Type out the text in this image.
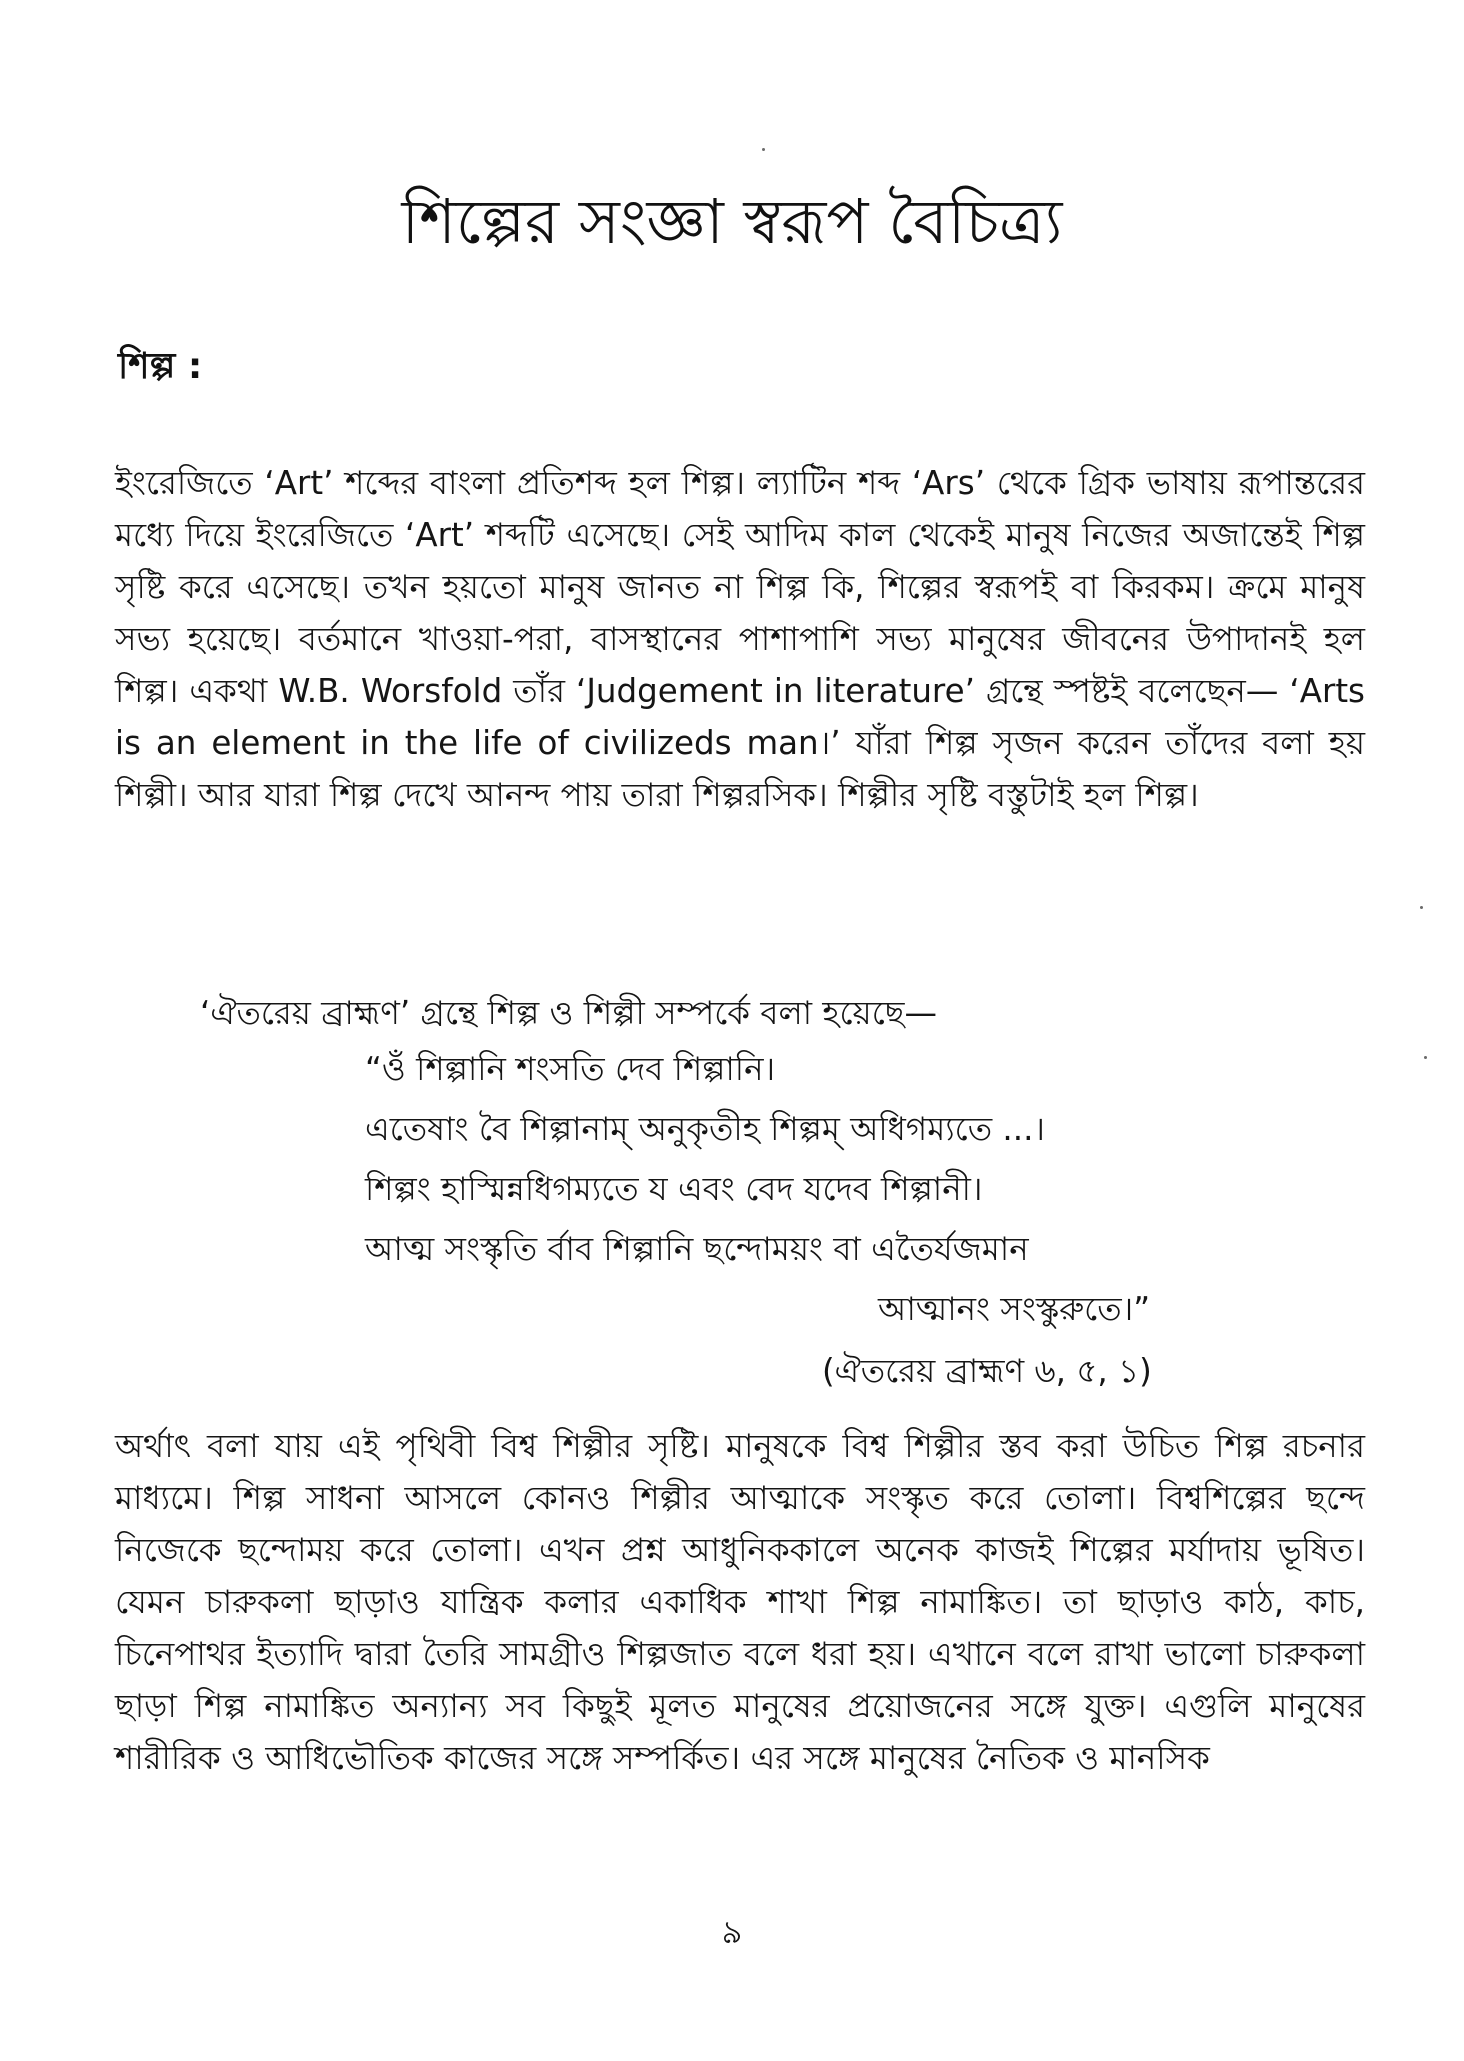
শিল্পের সংজ্ঞা স্বরূপ বৈচিত্র্য
শিল্প :
ইংরেজিতে ‘Art’ শব্দের বাংলা প্রতিশব্দ হল শিল্প। ল্যাটিন শব্দ ‘Ars’ থেকে গ্রিক ভাষায় রূপান্তরের মধ্যে দিয়ে ইংরেজিতে ‘Art’ শব্দটি এসেছে। সেই আদিম কাল থেকেই মানুষ নিজের অজান্তেই শিল্প সৃষ্টি করে এসেছে। তখন হয়তো মানুষ জানত না শিল্প কি, শিল্পের স্বরূপই বা কিরকম। ক্রমে মানুষ সভ্য হয়েছে। বর্তমানে খাওয়া-পরা, বাসস্থানের পাশাপাশি সভ্য মানুষের জীবনের উপাদানই হল শিল্প। একথা W.B. Worsfold তাঁর ‘Judgement in literature’ গ্রন্থে স্পষ্টই বলেছেন— ‘Arts is an element in the life of civilizeds man।’ যাঁরা শিল্প সৃজন করেন তাঁদের বলা হয় শিল্পী। আর যারা শিল্প দেখে আনন্দ পায় তারা শিল্পরসিক। শিল্পীর সৃষ্টি বস্তুটাই হল শিল্প।
‘ঐতরেয় ব্রাহ্মণ’ গ্রন্থে শিল্প ও শিল্পী সম্পর্কে বলা হয়েছে—
“ওঁ শিল্পানি শংসতি দেব শিল্পানি।
এতেষাং বৈ শিল্পানাম্ অনুকৃতীহ শিল্পম্ অধিগম্যতে ...।
শিল্পং হাস্মিন্নধিগম্যতে য এবং বেদ যদেব শিল্পানী।
আত্ম সংস্কৃতি র্বাব শিল্পানি ছন্দোময়ং বা এতৈর্যজমান
আত্মানং সংস্কুরুতে।”
(ঐতরেয় ব্রাহ্মণ ৬, ৫, ১)
অর্থাৎ বলা যায় এই পৃথিবী বিশ্ব শিল্পীর সৃষ্টি। মানুষকে বিশ্ব শিল্পীর স্তব করা উচিত শিল্প রচনার মাধ্যমে। শিল্প সাধনা আসলে কোনও শিল্পীর আত্মাকে সংস্কৃত করে তোলা। বিশ্বশিল্পের ছন্দে নিজেকে ছন্দোময় করে তোলা। এখন প্রশ্ন আধুনিককালে অনেক কাজই শিল্পের মর্যাদায় ভূষিত। যেমন চারুকলা ছাড়াও যান্ত্রিক কলার একাধিক শাখা শিল্প নামাঙ্কিত। তা ছাড়াও কাঠ, কাচ, চিনেপাথর ইত্যাদি দ্বারা তৈরি সামগ্রীও শিল্পজাত বলে ধরা হয়। এখানে বলে রাখা ভালো চারুকলা ছাড়া শিল্প নামাঙ্কিত অন্যান্য সব কিছুই মূলত মানুষের প্রয়োজনের সঙ্গে যুক্ত। এগুলি মানুষের শারীরিক ও আধিভৌতিক কাজের সঙ্গে সম্পর্কিত। এর সঙ্গে মানুষের নৈতিক ও মানসিক
৯
